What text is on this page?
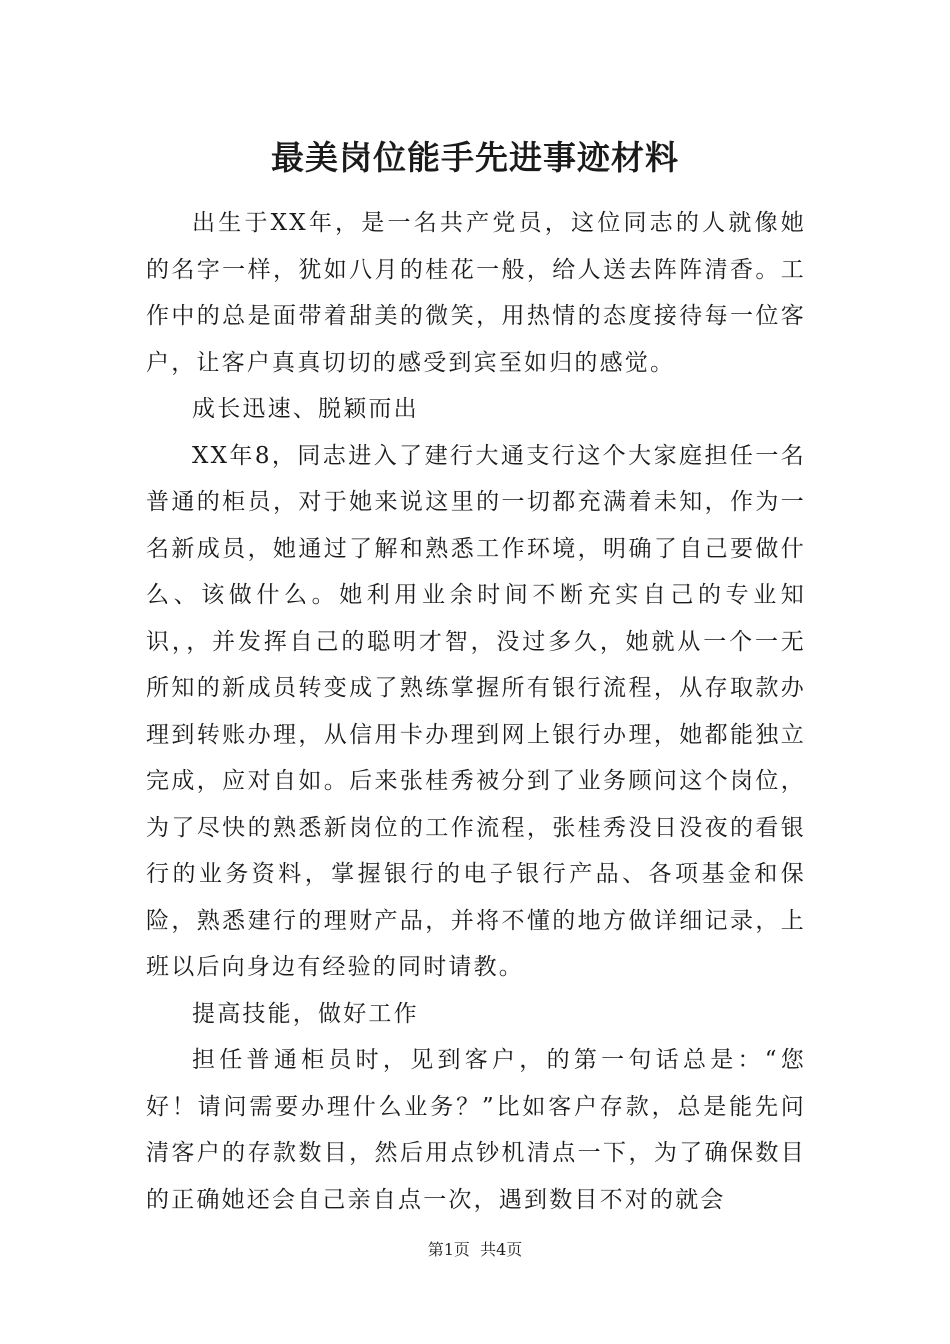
最美岗位能手先进事迹材料

出生于XX年，是一名共产党员，这位同志的人就像她的名字一样，犹如八月的桂花一般，给人送去阵阵清香。工作中的总是面带着甜美的微笑，用热情的态度接待每一位客户，让客户真真切切的感受到宾至如归的感觉。

成长迅速、脱颖而出

XX年8，同志进入了建行大通支行这个大家庭担任一名普通的柜员，对于她来说这里的一切都充满着未知，作为一名新成员，她通过了解和熟悉工作环境，明确了自己要做什么、该做什么。她利用业余时间不断充实自己的专业知识，，并发挥自己的聪明才智，没过多久，她就从一个一无所知的新成员转变成了熟练掌握所有银行流程，从存取款办理到转账办理，从信用卡办理到网上银行办理，她都能独立完成，应对自如。后来张桂秀被分到了业务顾问这个岗位，为了尽快的熟悉新岗位的工作流程，张桂秀没日没夜的看银行的业务资料，掌握银行的电子银行产品、各项基金和保险，熟悉建行的理财产品，并将不懂的地方做详细记录，上班以后向身边有经验的同时请教。

提高技能，做好工作

担任普通柜员时，见到客户，的第一句话总是：“您好！请问需要办理什么业务？”比如客户存款，总是能先问清客户的存款数目，然后用点钞机清点一下，为了确保数目的正确她还会自己亲自点一次，遇到数目不对的就会

第1页  共4页
